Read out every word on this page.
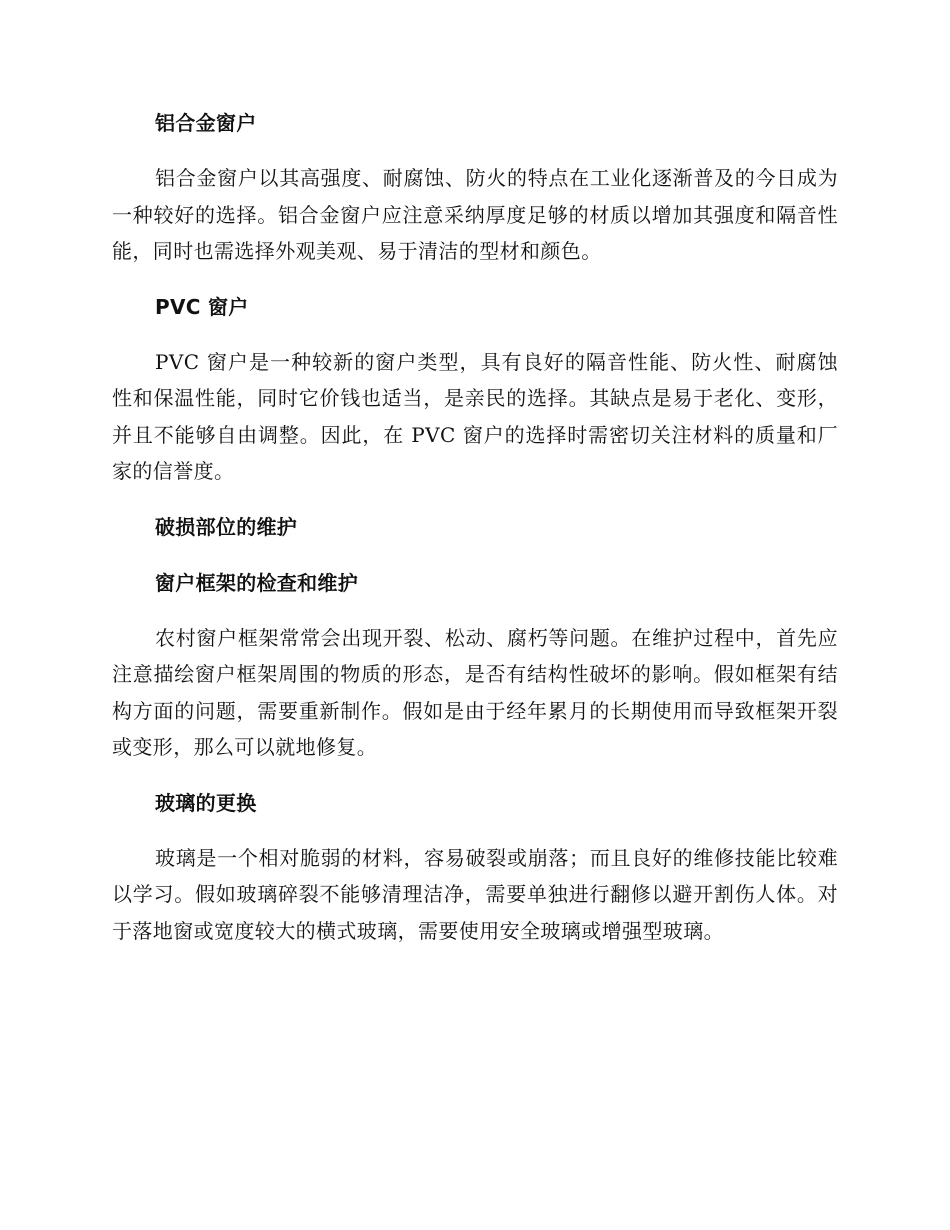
铝合金窗户

铝合金窗户以其高强度、耐腐蚀、防火的特点在工业化逐渐普及的今日成为一种较好的选择。铝合金窗户应注意采纳厚度足够的材质以增加其强度和隔音性能，同时也需选择外观美观、易于清洁的型材和颜色。

PVC 窗户

PVC 窗户是一种较新的窗户类型，具有良好的隔音性能、防火性、耐腐蚀性和保温性能，同时它价钱也适当，是亲民的选择。其缺点是易于老化、变形，并且不能够自由调整。因此，在 PVC 窗户的选择时需密切关注材料的质量和厂家的信誉度。

破损部位的维护
窗户框架的检查和维护

农村窗户框架常常会出现开裂、松动、腐朽等问题。在维护过程中，首先应注意描绘窗户框架周围的物质的形态，是否有结构性破坏的影响。假如框架有结构方面的问题，需要重新制作。假如是由于经年累月的长期使用而导致框架开裂或变形，那么可以就地修复。

玻璃的更换

玻璃是一个相对脆弱的材料，容易破裂或崩落；而且良好的维修技能比较难以学习。假如玻璃碎裂不能够清理洁净，需要单独进行翻修以避开割伤人体。对于落地窗或宽度较大的横式玻璃，需要使用安全玻璃或增强型玻璃。
